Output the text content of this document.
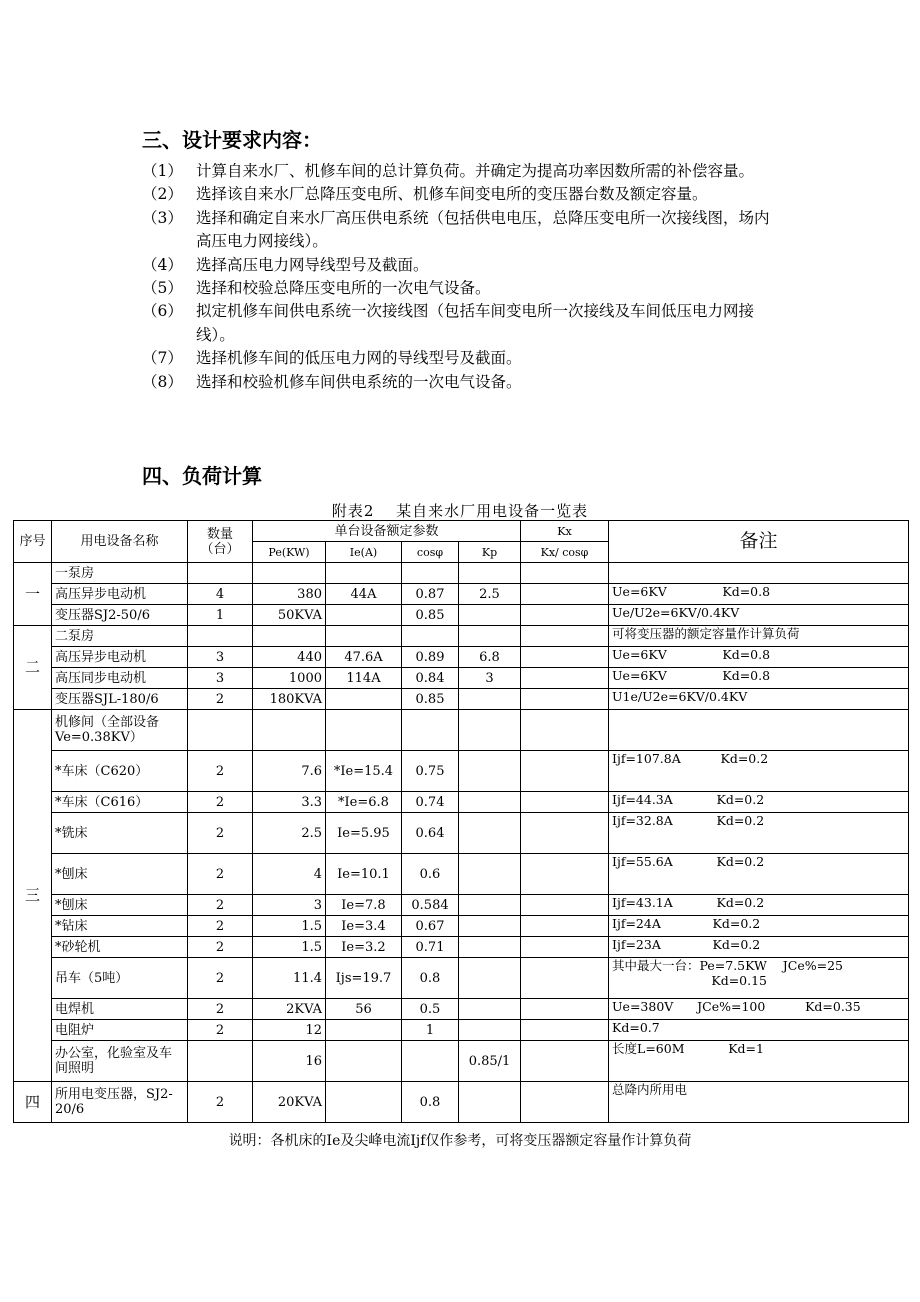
三、设计要求内容：
（1） 计算自来水厂、机修车间的总计算负荷。并确定为提高功率因数所需的补偿容量。
（2） 选择该自来水厂总降压变电所、机修车间变电所的变压器台数及额定容量。
（3） 选择和确定自来水厂高压供电系统（包括供电电压，总降压变电所一次接线图，场内高压电力网接线）。
（4） 选择高压电力网导线型号及截面。
（5） 选择和校验总降压变电所的一次电气设备。
（6） 拟定机修车间供电系统一次接线图（包括车间变电所一次接线及车间低压电力网接线）。
（7） 选择机修车间的低压电力网的导线型号及截面。
（8） 选择和校验机修车间供电系统的一次电气设备。
四、负荷计算
附表2 　某自来水厂用电设备一览表
序号	用电设备名称	数量（台）	单台设备额定参数				Kx	备注
			Pe(KW)	Ie(A)	cosφ	Kp	Kx/ cosφ	
一	一泵房							
	高压异步电动机	4	380	44A	0.87	2.5		Ue=6KV              Kd=0.8
	变压器SJ2-50/6	1	50KVA		0.85			Ue/U2e=6KV/0.4KV
二	二泵房							可将变压器的额定容量作计算负荷
	高压异步电动机	3	440	47.6A	0.89	6.8		Ue=6KV              Kd=0.8
	高压同步电动机	3	1000	114A	0.84	3		Ue=6KV              Kd=0.8
	变压器SJL-180/6	2	180KVA		0.85			U1e/U2e=6KV/0.4KV
三	机修间（全部设备Ve=0.38KV）							
	*车床（C620）	2	7.6	*Ie=15.4	0.75			Ijf=107.8A          Kd=0.2
	*车床（C616）	2	3.3	*Ie=6.8	0.74			Ijf=44.3A           Kd=0.2
	*铣床	2	2.5	Ie=5.95	0.64			Ijf=32.8A           Kd=0.2
	*刨床	2	4	Ie=10.1	0.6			Ijf=55.6A           Kd=0.2
	*刨床	2	3	Ie=7.8	0.584			Ijf=43.1A           Kd=0.2
	*钻床	2	1.5	Ie=3.4	0.67			Ijf=24A             Kd=0.2
	*砂轮机	2	1.5	Ie=3.2	0.71			Ijf=23A             Kd=0.2
	吊车（5吨）	2	11.4	Ijs=19.7	0.8			其中最大一台：Pe=7.5KW    JCe%=25
Kd=0.15
	电焊机	2	2KVA	56	0.5			Ue=380V      JCe%=100          Kd=0.35
	电阻炉	2	12		1			Kd=0.7
	办公室，化验室及车间照明		16			0.85/1		长度L=60M           Kd=1
四	所用电变压器，SJ2-20/6	2	20KVA		0.8			总降内所用电
说明：各机床的Ie及尖峰电流Ijf仅作参考，可将变压器额定容量作计算负荷
